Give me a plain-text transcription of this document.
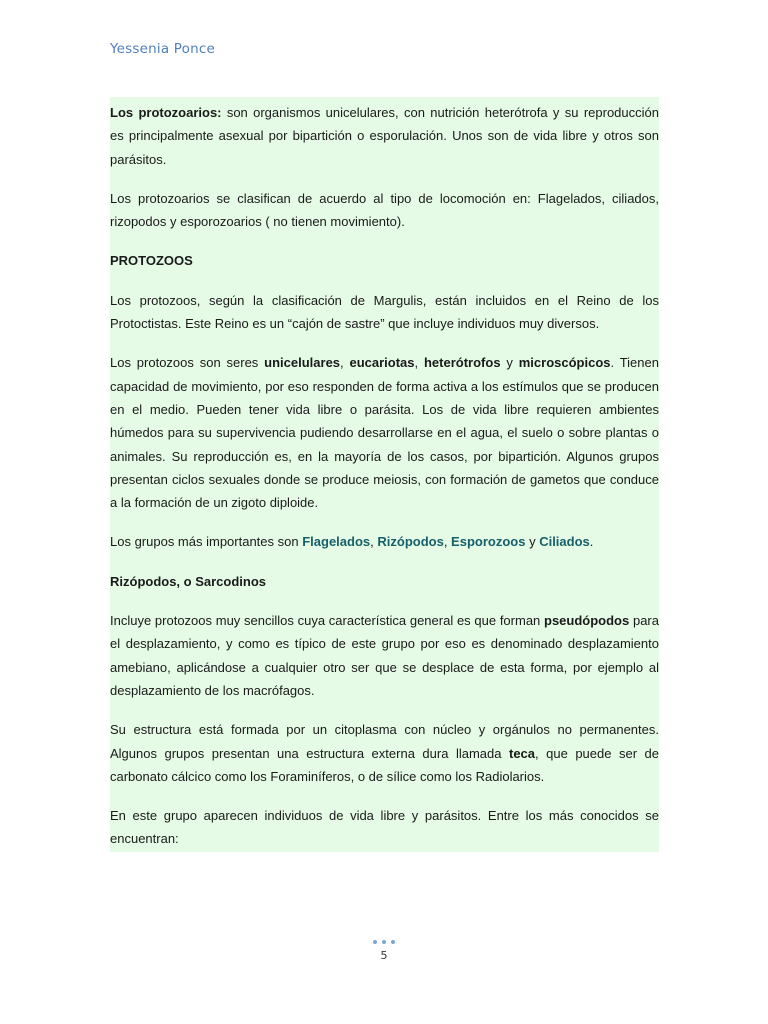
Yessenia Ponce

Los protozoarios: son organismos unicelulares, con nutrición heterótrofa y su reproducción es principalmente asexual por bipartición o esporulación. Unos son de vida libre y otros son parásitos.

Los protozoarios se clasifican de acuerdo al tipo de locomoción en: Flagelados, ciliados, rizopodos y esporozoarios ( no tienen movimiento).

PROTOZOOS

Los protozoos, según la clasificación de Margulis, están incluidos en el Reino de los Protoctistas. Este Reino es un “cajón de sastre” que incluye individuos muy diversos.

Los protozoos son seres unicelulares, eucariotas, heterótrofos y microscópicos. Tienen capacidad de movimiento, por eso responden de forma activa a los estímulos que se producen en el medio. Pueden tener vida libre o parásita. Los de vida libre requieren ambientes húmedos para su supervivencia pudiendo desarrollarse en el agua, el suelo o sobre plantas o animales. Su reproducción es, en la mayoría de los casos, por bipartición. Algunos grupos presentan ciclos sexuales donde se produce meiosis, con formación de gametos que conduce a la formación de un zigoto diploide.

Los grupos más importantes son Flagelados, Rizópodos, Esporozoos y Ciliados.

Rizópodos, o Sarcodinos

Incluye protozoos muy sencillos cuya característica general es que forman pseudópodos para el desplazamiento, y como es típico de este grupo por eso es denominado desplazamiento amebiano, aplicándose a cualquier otro ser que se desplace de esta forma, por ejemplo al desplazamiento de los macrófagos.

Su estructura está formada por un citoplasma con núcleo y orgánulos no permanentes. Algunos grupos presentan una estructura externa dura llamada teca, que puede ser de carbonato cálcico como los Foraminíferos, o de sílice como los Radiolarios.

En este grupo aparecen individuos de vida libre y parásitos. Entre los más conocidos se encuentran:

5
